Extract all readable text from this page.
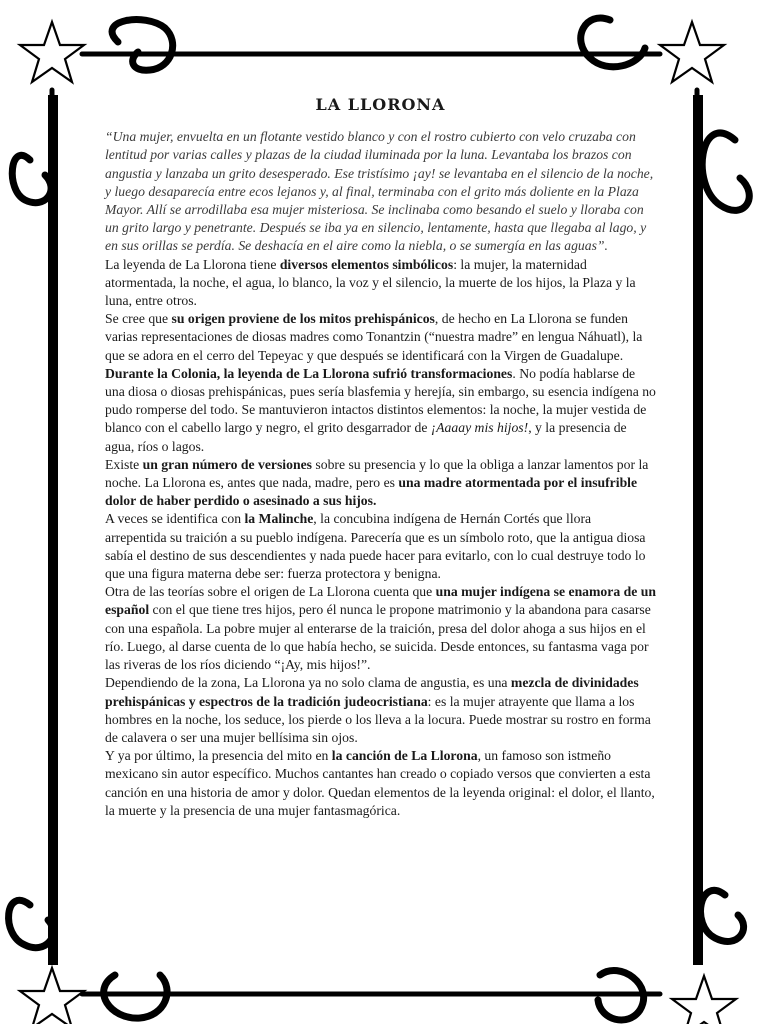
LA LLORONA

“Una mujer, envuelta en un flotante vestido blanco y con el rostro cubierto con velo cruzaba con lentitud por varias calles y plazas de la ciudad iluminada por la luna. Levantaba los brazos con angustia y lanzaba un grito desesperado. Ese tristísimo ¡ay! se levantaba en el silencio de la noche, y luego desaparecía entre ecos lejanos y, al final, terminaba con el grito más doliente en la Plaza Mayor. Allí se arrodillaba esa mujer misteriosa. Se inclinaba como besando el suelo y lloraba con un grito largo y penetrante. Después se iba ya en silencio, lentamente, hasta que llegaba al lago, y en sus orillas se perdía. Se deshacía en el aire como la niebla, o se sumergía en las aguas”.

La leyenda de La Llorona tiene diversos elementos simbólicos: la mujer, la maternidad atormentada, la noche, el agua, lo blanco, la voz y el silencio, la muerte de los hijos, la Plaza y la luna, entre otros.

Se cree que su origen proviene de los mitos prehispánicos, de hecho en La Llorona se funden varias representaciones de diosas madres como Tonantzin (“nuestra madre” en lengua Náhuatl), la que se adora en el cerro del Tepeyac y que después se identificará con la Virgen de Guadalupe.

Durante la Colonia, la leyenda de La Llorona sufrió transformaciones. No podía hablarse de una diosa o diosas prehispánicas, pues sería blasfemia y herejía, sin embargo, su esencia indígena no pudo romperse del todo. Se mantuvieron intactos distintos elementos: la noche, la mujer vestida de blanco con el cabello largo y negro, el grito desgarrador de ¡Aaaay mis hijos!, y la presencia de agua, ríos o lagos.

Existe un gran número de versiones sobre su presencia y lo que la obliga a lanzar lamentos por la noche. La Llorona es, antes que nada, madre, pero es una madre atormentada por el insufrible dolor de haber perdido o asesinado a sus hijos.

A veces se identifica con la Malinche, la concubina indígena de Hernán Cortés que llora arrepentida su traición a su pueblo indígena. Parecería que es un símbolo roto, que la antigua diosa sabía el destino de sus descendientes y nada puede hacer para evitarlo, con lo cual destruye todo lo que una figura materna debe ser: fuerza protectora y benigna.

Otra de las teorías sobre el origen de La Llorona cuenta que una mujer indígena se enamora de un español con el que tiene tres hijos, pero él nunca le propone matrimonio y la abandona para casarse con una española. La pobre mujer al enterarse de la traición, presa del dolor ahoga a sus hijos en el río. Luego, al darse cuenta de lo que había hecho, se suicida. Desde entonces, su fantasma vaga por las riveras de los ríos diciendo “¡Ay, mis hijos!”.

Dependiendo de la zona, La Llorona ya no solo clama de angustia, es una mezcla de divinidades prehispánicas y espectros de la tradición judeocristiana: es la mujer atrayente que llama a los hombres en la noche, los seduce, los pierde o los lleva a la locura. Puede mostrar su rostro en forma de calavera o ser una mujer bellísima sin ojos.

Y ya por último, la presencia del mito en la canción de La Llorona, un famoso son istmeño mexicano sin autor específico. Muchos cantantes han creado o copiado versos que convierten a esta canción en una historia de amor y dolor. Quedan elementos de la leyenda original: el dolor, el llanto, la muerte y la presencia de una mujer fantasmagórica.
